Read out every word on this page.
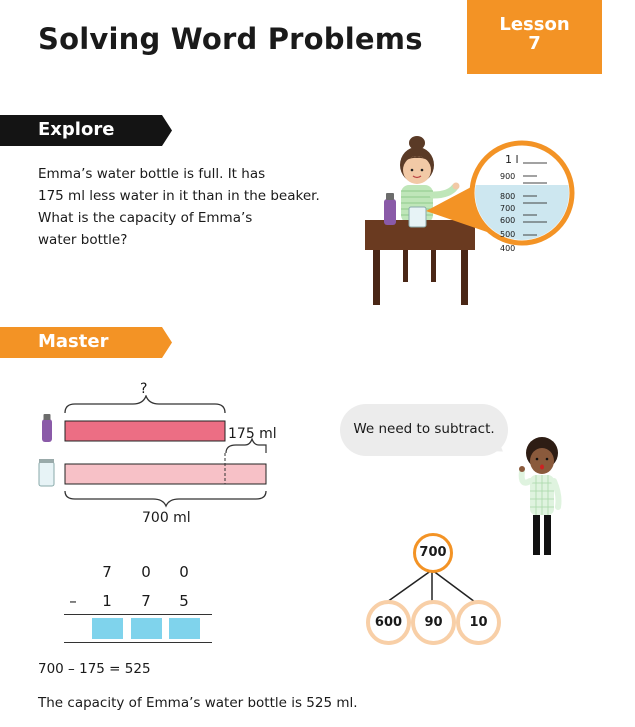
Solving Word Problems	Lesson
7
Explore
Emma’s water bottle is full. It has
175 ml less water in it than in the beaker.
What is the capacity of Emma’s
water bottle?
1 l
900
800
700
600
500
400
Master
?
175 ml
700 ml
7	0	0
–	1	7	5
700 – 175 = 525
The capacity of Emma’s water bottle is 525 ml.
We need to subtract.
700
600	90	10
